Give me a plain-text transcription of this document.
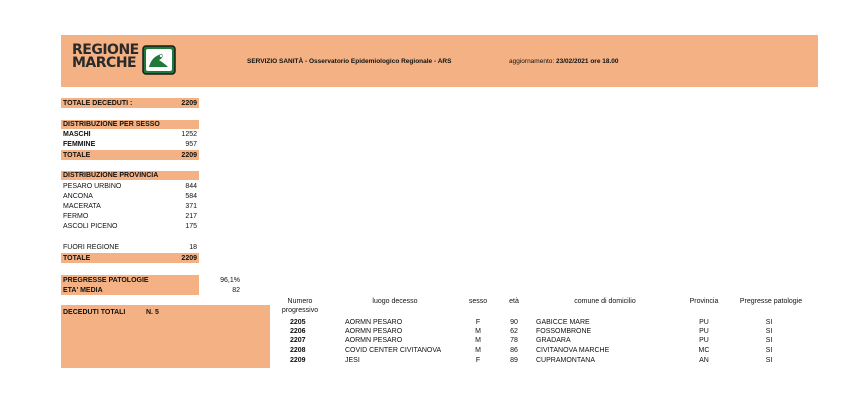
REGIONE
MARCHE	SERVIZIO SANITÀ - Osservatorio Epidemiologico Regionale - ARS	aggiornamento: 23/02/2021 ore 18.00
TOTALE DECEDUTI :	2209
DISTRIBUZIONE PER SESSO
MASCHI	1252
FEMMINE	957
TOTALE	2209
DISTRIBUZIONE PROVINCIA
PESARO URBINO	844
ANCONA	584
MACERATA	371
FERMO	217
ASCOLI PICENO	175
FUORI REGIONE	18
TOTALE	2209
PREGRESSE PATOLOGIE	96,1%
ETA' MEDIA	82
DECEDUTI TOTALI	N. 5
Numero
progressivo
luogo decesso	sesso	età	comune di domicilio	Provincia	Pregresse patologie
2205	AORMN PESARO	F	90	GABICCE MARE	PU	SI
2206	AORMN PESARO	M	62	FOSSOMBRONE	PU	SI
2207	AORMN PESARO	M	78	GRADARA	PU	SI
2208	COVID CENTER CIVITANOVA	M	86	CIVITANOVA MARCHE	MC	SI
2209	JESI	F	89	CUPRAMONTANA	AN	SI
